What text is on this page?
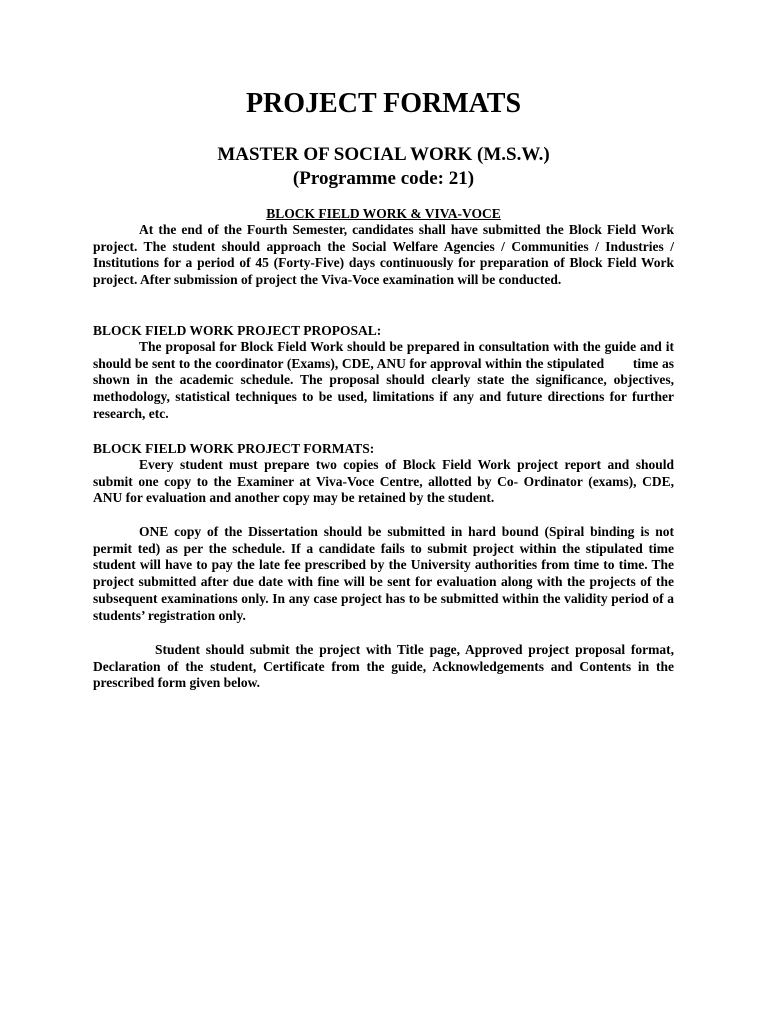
PROJECT FORMATS
MASTER OF SOCIAL WORK (M.S.W.)
(Programme code: 21)
BLOCK FIELD WORK & VIVA-VOCE

At the end of the Fourth Semester, candidates shall have submitted the Block Field Work project. The student should approach the Social Welfare Agencies / Communities / Industries / Institutions for a period of 45 (Forty-Five) days continuously for preparation of Block Field Work project. After submission of project the Viva-Voce examination will be conducted.

BLOCK FIELD WORK PROJECT PROPOSAL:

The proposal for Block Field Work should be prepared in consultation with the guide and it should be sent to the coordinator (Exams), CDE, ANU for approval within the stipulated        time as shown in the academic schedule. The proposal should clearly state the significance, objectives, methodology, statistical techniques to be used, limitations if any and future directions for further research, etc.

BLOCK FIELD WORK PROJECT FORMATS:

Every student must prepare two copies of Block Field Work project report and should submit one copy to the Examiner at Viva-Voce Centre, allotted by Co- Ordinator (exams), CDE, ANU for evaluation and another copy may be retained by the student.

ONE copy of the Dissertation should be submitted in hard bound (Spiral binding is not permit ted) as per the schedule. If a candidate fails to submit project within the stipulated time student will have to pay the late fee prescribed by the University authorities from time to time. The project submitted after due date with fine will be sent for evaluation along with the projects of the subsequent examinations only. In any case project has to be submitted within the validity period of a students’ registration only.

Student should submit the project with Title page, Approved project proposal format, Declaration of the student, Certificate from the guide, Acknowledgements and Contents in the prescribed form given below.
